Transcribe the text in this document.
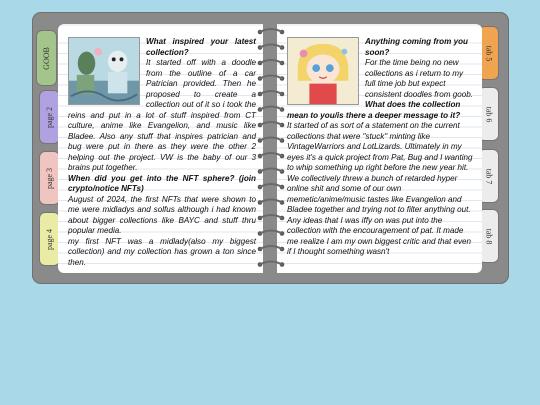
GOOB
page 2
page 3
page 4
tab 5
tab 6
tab 7
tab 8

What inspired your latest collection?

It started off with a doodle from the outline of a car Patrician provided. Then he proposed to create a collection out of it so i took the reins and put in a lot of stuff inspired from CT culture, anime like Evangelion, and music like Bladee. Also any stuff that inspires patrician and bug were put in there as they were the other 2 helping out the project. VW is the baby of our 3 brains put together.

When did you get into the NFT sphere? (join crypto/notice NFTs)

August of 2024, the first NFTs that were shown to me were midladys and solfus although i had known about bigger collections like BAYC and stuff thru popular media.

my first NFT was a midlady(also my biggest collection) and my collection has grown a ton since then.

Anything coming from you soon?

For the time being no new collections as i return to my full time job but expect consistent doodles from goob.

What does the collection mean to you/is there a deeper message to it?

It started of as sort of a statement on the current collections that were "stuck" minting like VintageWarriors and LotLizards. Ultimately in my eyes it's a quick project from Pat, Bug and I wanting to whip something up right before the new year hit. We collectively threw a bunch of retarded hyper online shit and some of our own memetic/anime/music tastes like Evangelion and Bladee together and trying not to filter anything out. Any ideas that I was iffy on was put into the collection with the encouragement of pat. It made me realize I am my own biggest critic and that even if I thought something wasn't
